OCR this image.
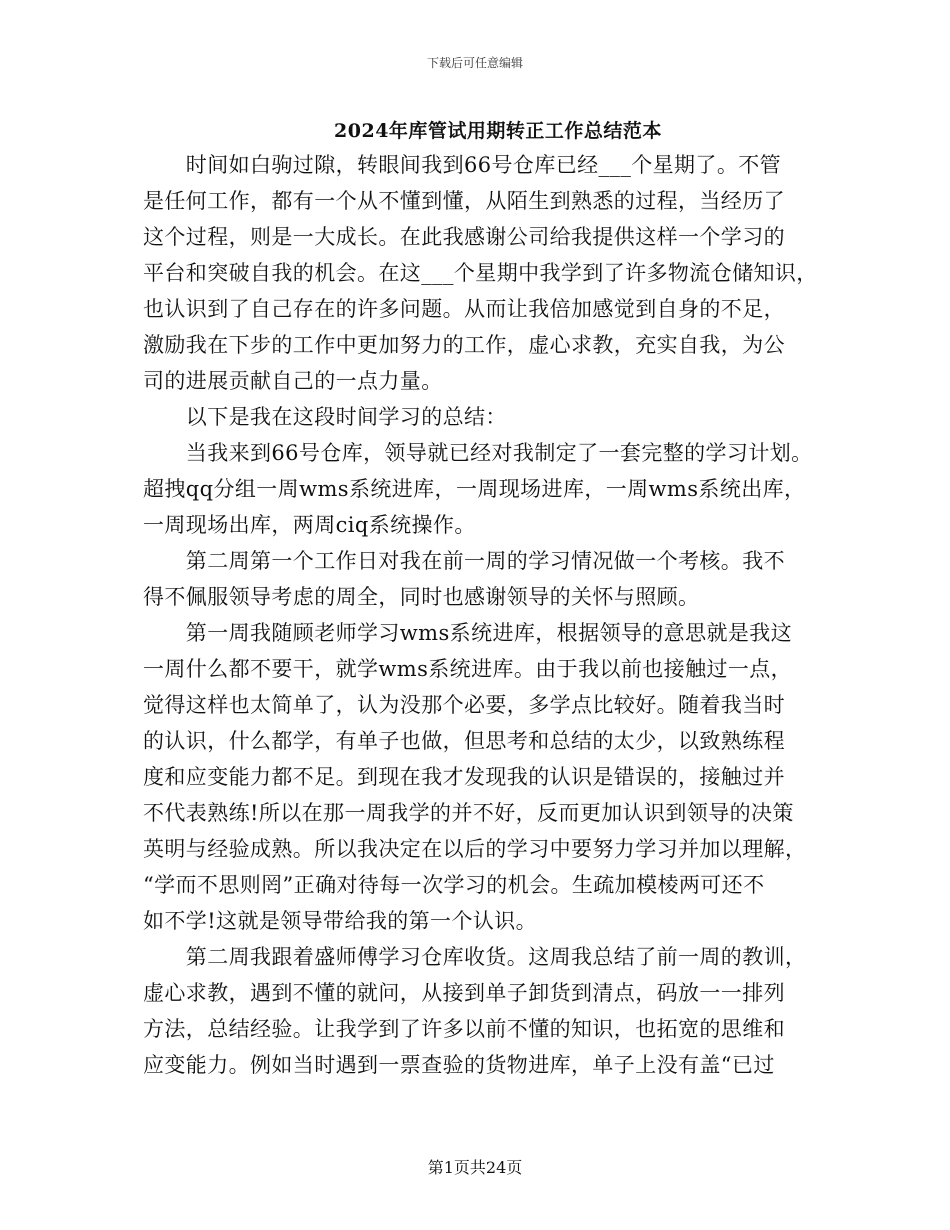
下载后可任意编辑
2024年库管试用期转正工作总结范本
　　时间如白驹过隙，转眼间我到66号仓库已经___个星期了。不管
是任何工作，都有一个从不懂到懂，从陌生到熟悉的过程，当经历了
这个过程，则是一大成长。在此我感谢公司给我提供这样一个学习的
平台和突破自我的机会。在这___个星期中我学到了许多物流仓储知识，
也认识到了自己存在的许多问题。从而让我倍加感觉到自身的不足，
激励我在下步的工作中更加努力的工作，虚心求教，充实自我，为公
司的进展贡献自己的一点力量。
　　以下是我在这段时间学习的总结：
　　当我来到66号仓库，领导就已经对我制定了一套完整的学习计划。
超拽qq分组一周wms系统进库，一周现场进库，一周wms系统出库，
一周现场出库，两周ciq系统操作。
　　第二周第一个工作日对我在前一周的学习情况做一个考核。我不
得不佩服领导考虑的周全，同时也感谢领导的关怀与照顾。
　　第一周我随顾老师学习wms系统进库，根据领导的意思就是我这
一周什么都不要干，就学wms系统进库。由于我以前也接触过一点，
觉得这样也太简单了，认为没那个必要，多学点比较好。随着我当时
的认识，什么都学，有单子也做，但思考和总结的太少，以致熟练程
度和应变能力都不足。到现在我才发现我的认识是错误的，接触过并
不代表熟练!所以在那一周我学的并不好，反而更加认识到领导的决策
英明与经验成熟。所以我决定在以后的学习中要努力学习并加以理解，
“学而不思则罔”正确对待每一次学习的机会。生疏加模棱两可还不
如不学!这就是领导带给我的第一个认识。
　　第二周我跟着盛师傅学习仓库收货。这周我总结了前一周的教训，
虚心求教，遇到不懂的就问，从接到单子卸货到清点，码放一一排列
方法，总结经验。让我学到了许多以前不懂的知识，也拓宽的思维和
应变能力。例如当时遇到一票查验的货物进库，单子上没有盖“已过
第1页共24页
